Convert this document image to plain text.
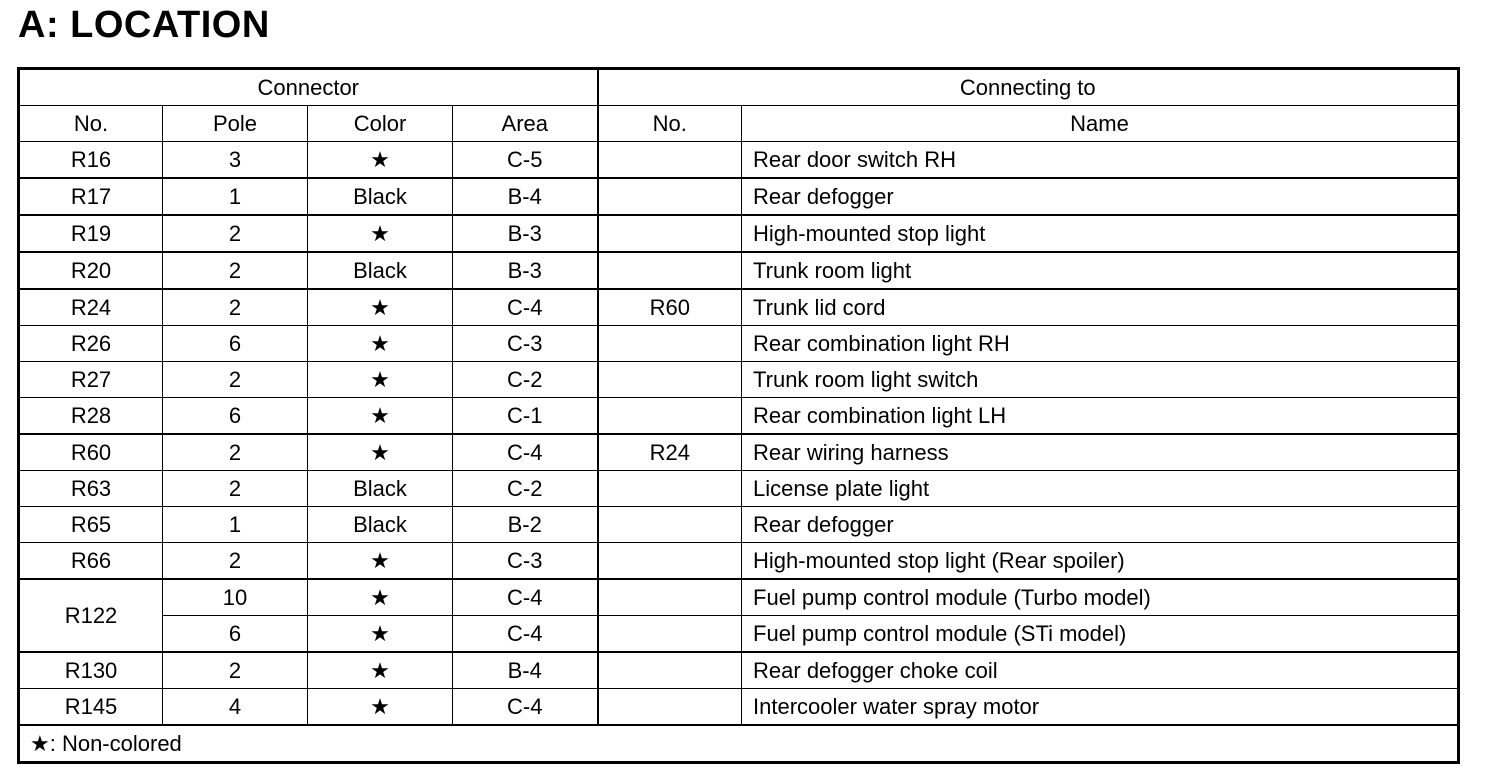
A: LOCATION
Connector				Connecting to	
No.	Pole	Color	Area	No.	Name
R16	3	★	C-5		Rear door switch RH
R17	1	Black	B-4		Rear defogger
R19	2	★	B-3		High-mounted stop light
R20	2	Black	B-3		Trunk room light
R24	2	★	C-4	R60	Trunk lid cord
R26	6	★	C-3		Rear combination light RH
R27	2	★	C-2		Trunk room light switch
R28	6	★	C-1		Rear combination light LH
R60	2	★	C-4	R24	Rear wiring harness
R63	2	Black	C-2		License plate light
R65	1	Black	B-2		Rear defogger
R66	2	★	C-3		High-mounted stop light (Rear spoiler)
R122	10	★	C-4		Fuel pump control module (Turbo model)
	6	★	C-4		Fuel pump control module (STi model)
R130	2	★	B-4		Rear defogger choke coil
R145	4	★	C-4		Intercooler water spray motor
★: Non-colored					
